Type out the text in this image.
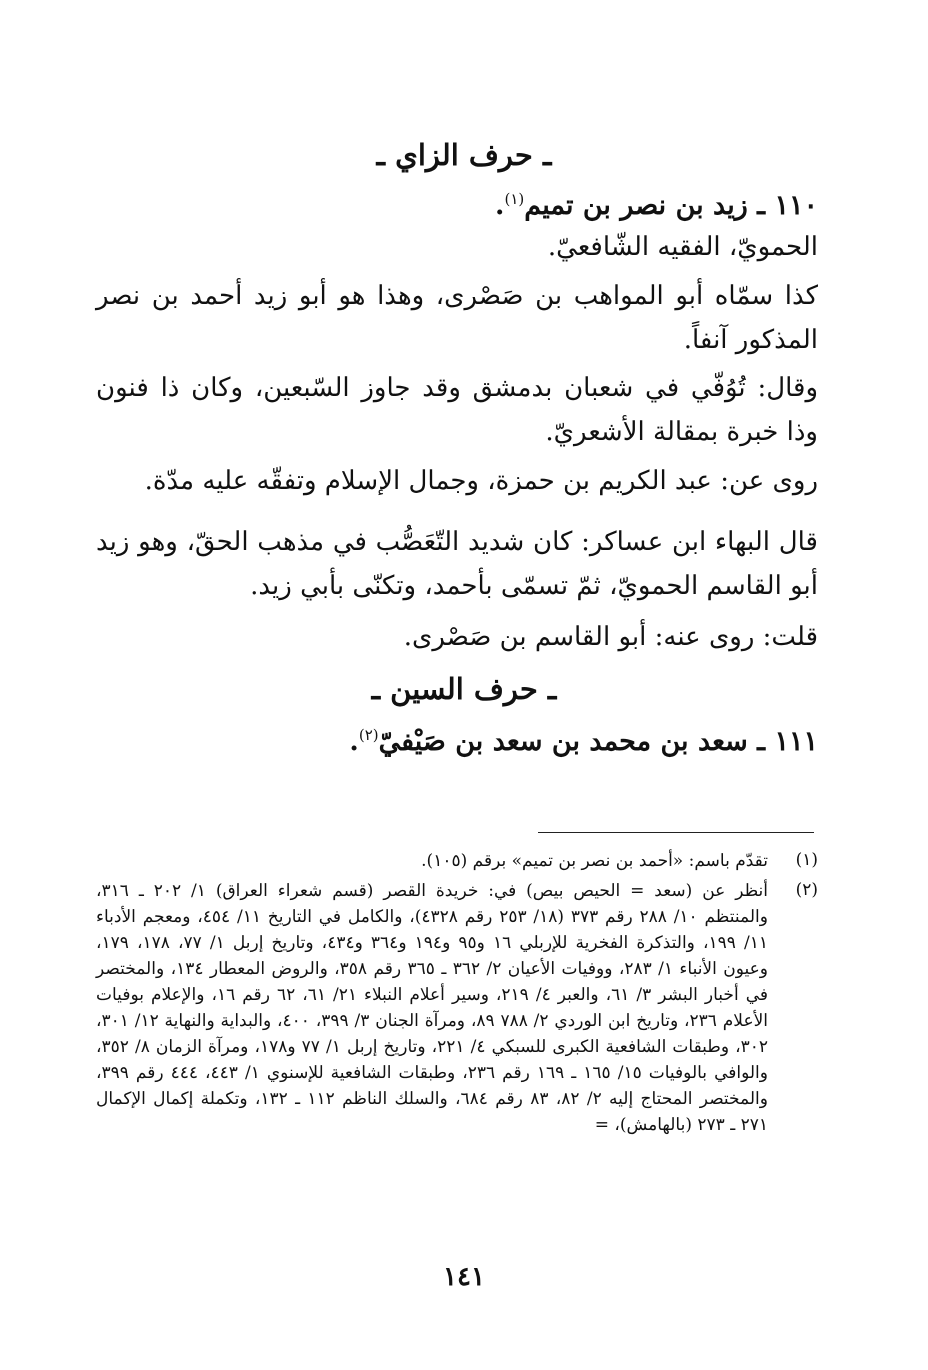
ـ حرف الزاي ـ
١١٠ ـ زيد بن نصر بن تميم$^{(١)}$.
الحمويّ، الفقيه الشّافعيّ.
كذا سمّاه أبو المواهب بن صَصْرى، وهذا هو أبو زيد أحمد بن نصر المذكور آنفاً.
وقال: تُوُفّي في شعبان بدمشق وقد جاوز السّبعين، وكان ذا فنون وذا خبرة بمقالة الأشعريّ.
روى عن: عبد الكريم بن حمزة، وجمال الإسلام وتفقّه عليه مدّة.
قال البهاء ابن عساكر: كان شديد التّعَصُّب في مذهب الحقّ، وهو زيد أبو القاسم الحمويّ، ثمّ تسمّى بأحمد، وتكنّى بأبي زيد.
قلت: روى عنه: أبو القاسم بن صَصْرى.
ـ حرف السين ـ
١١١ ـ سعد بن محمد بن سعد بن صَيْفيّ$^{(٢)}$.
(١)
تقدّم باسم: «أحمد بن نصر بن تميم» برقم (١٠٥).
(٢)
أنظر عن (سعد = الحيص بيص) في: خريدة القصر (قسم شعراء العراق) ١/ ٢٠٢ ـ ٣١٦، والمنتظم ١٠/ ٢٨٨ رقم ٣٧٣ (١٨/ ٢٥٣ رقم ٤٣٢٨)، والكامل في التاريخ ١١/ ٤٥٤، ومعجم الأدباء ١١/ ١٩٩، والتذكرة الفخرية للإربلي ١٦ و٩٥ و١٩٤ و٣٦٤ و٤٣٤، وتاريخ إربل ١/ ٧٧، ١٧٨، ١٧٩، وعيون الأنباء ١/ ٢٨٣، ووفيات الأعيان ٢/ ٣٦٢ ـ ٣٦٥ رقم ٣٥٨، والروض المعطار ١٣٤، والمختصر في أخبار البشر ٣/ ٦١، والعبر ٤/ ٢١٩، وسير أعلام النبلاء ٢١/ ٦١، ٦٢ رقم ١٦، والإعلام بوفيات الأعلام ٢٣٦، وتاريخ ابن الوردي ٢/ ٧٨٨ ٨٩، ومرآة الجنان ٣/ ٣٩٩، ٤٠٠، والبداية والنهاية ١٢/ ٣٠١، ٣٠٢، وطبقات الشافعية الكبرى للسبكي ٤/ ٢٢١، وتاريخ إربل ١/ ٧٧ و١٧٨، ومرآة الزمان ٨/ ٣٥٢، والوافي بالوفيات ١٥/ ١٦٥ ـ ١٦٩ رقم ٢٣٦، وطبقات الشافعية للإسنوي ١/ ٤٤٣، ٤٤٤ رقم ٣٩٩، والمختصر المحتاج إليه ٢/ ٨٢، ٨٣ رقم ٦٨٤، والسلك الناظم ١١٢ ـ ١٣٢، وتكملة إكمال الإكمال ٢٧١ ـ ٢٧٣ (بالهامش)، =
١٤١
